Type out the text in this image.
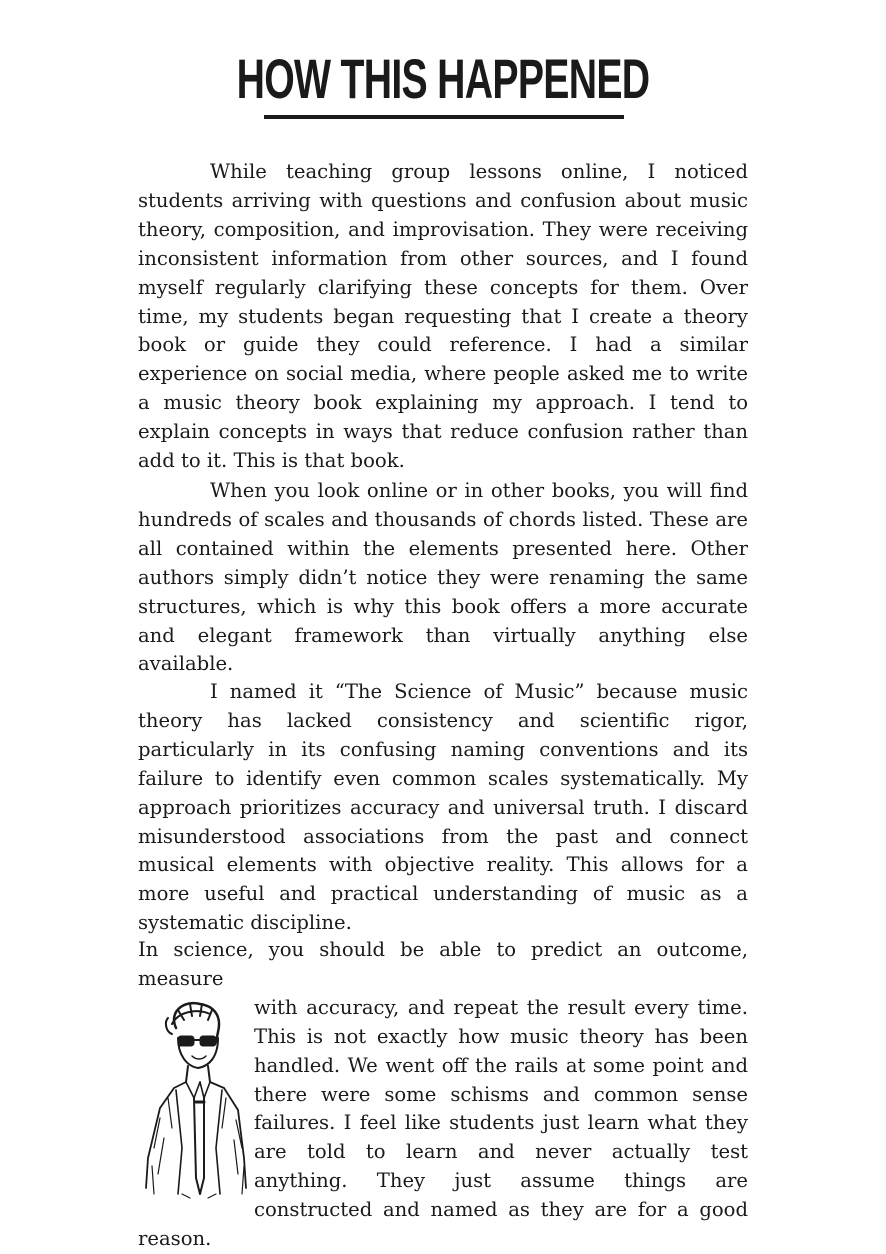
HOW THIS HAPPENED

While teaching group lessons online, I noticed students arriving with questions and confusion about music theory, composition, and improvisation. They were receiving inconsistent information from other sources, and I found myself regularly clarifying these concepts for them. Over time, my students began requesting that I create a theory book or guide they could reference. I had a similar experience on social media, where people asked me to write a music theory book explaining my approach. I tend to explain concepts in ways that reduce confusion rather than add to it. This is that book.

When you look online or in other books, you will find hundreds of scales and thousands of chords listed. These are all contained within the elements presented here. Other authors simply didn’t notice they were renaming the same structures, which is why this book offers a more accurate and elegant framework than virtually anything else available.

I named it “The Science of Music” because music theory has lacked consistency and scientific rigor, particularly in its confusing naming conventions and its failure to identify even common scales systematically. My approach prioritizes accuracy and universal truth. I discard misunderstood associations from the past and connect musical elements with objective reality. This allows for a more useful and practical understanding of music as a systematic discipline.

In science, you should be able to predict an outcome, measure
with accuracy, and repeat the result every time. This is not exactly how music theory has been handled. We went off the rails at some point and there were some schisms and common sense failures. I feel like students just learn what they are told to learn and never actually test anything. They just assume things are constructed and named as they are for a good reason.
